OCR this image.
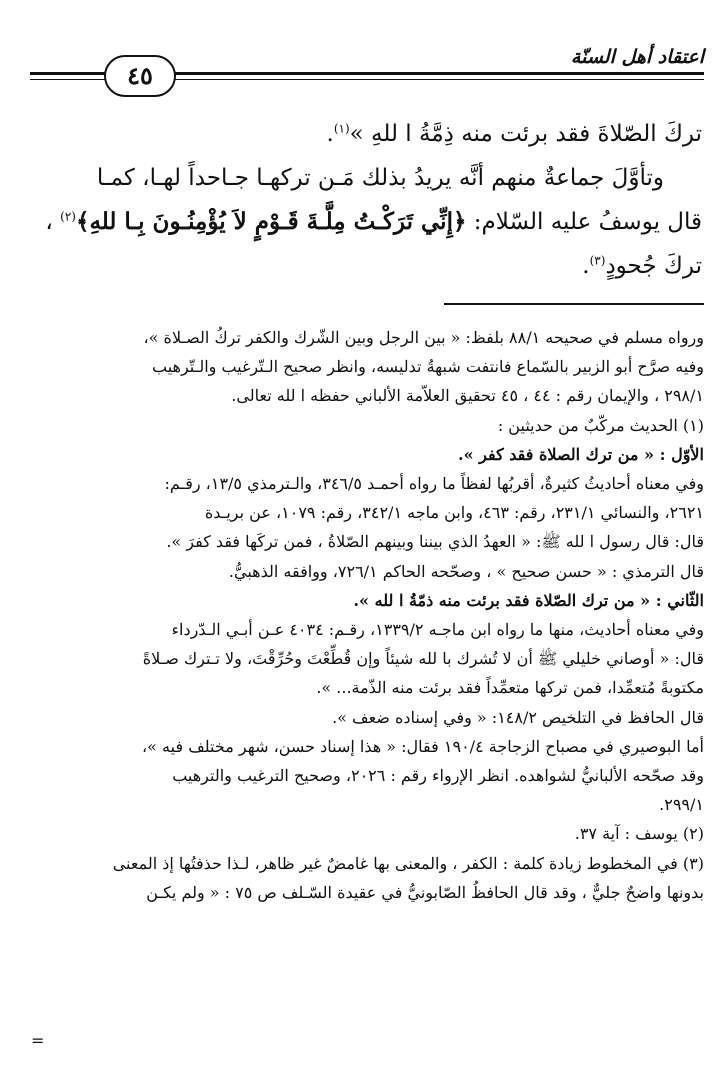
اعتقاد أهل السنّة
٤٥

تركَ الصّلاةَ فقد برئت منه ذِمَّةُ ا للهِ »$^{(١)}$.

وتأوَّلَ جماعةٌ منهم أنَّه يريدُ بذلك مَـن تركهـا جـاحداً لهـا، كمـا

قال يوسفُ عليه السّلام: ﴿إِنِّي تَرَكْـتُ مِلَّـةَ قَـوْمٍ لاَ يُؤْمِنُـونَ بِـا للهِ﴾$^{(٢)}$ ،

تركَ جُحودٍ$^{(٣)}$.

ورواه مسلم في صحيحه ٨٨/١ بلفظ: « بين الرجل وبين الشّرك والكفر تركُ الصـلاة »،

وفيه صرَّح أبو الزبير بالسّماع فانتفت شبهةُ تدليسه، وانظر صحيح الـتّرغيب والـتّرهيب

٢٩٨/١ ، والإيمان رقم : ٤٤ ، ٤٥ تحقيق العلاّمة الألباني حفظه ا لله تعالى.

(١) الحديث مركّبٌ من حديثين :

الأوّل : « من ترك الصلاة فقد كفر ».

وفي معناه أحاديثُ كثيرةٌ، أقربُها لفظاً ما رواه أحمـد ٣٤٦/٥، والـترمذي ١٣/٥، رقـم:

٢٦٢١، والنسائي ٢٣١/١، رقم: ٤٦٣، وابن ماجه ٣٤٢/١، رقم: ١٠٧٩، عن بريـدة

قال: قال رسول ا لله ﷺ: « العهدُ الذي بيننا وبينهم الصّلاةُ ، فمن تركَها فقد كفرَ ».

قال الترمذي : « حسن صحيح » ، وصحّحه الحاكم ٧٢٦/١، ووافقه الذهبيُّ.

الثّاني : « من ترك الصّلاة فقد برئت منه ذمّةُ ا لله ».

وفي معناه أحاديث، منها ما رواه ابن ماجـه ١٣٣٩/٢، رقـم: ٤٠٣٤ عـن أبـي الـدّرداء

قال: « أوصاني خليلي ﷺ أن لا تُشرك با لله شيئاً وإن قُطِّعْتَ وحُرِّقْتَ، ولا تـترك صـلاةً

مكتوبةً مُتعمِّدا، فمن تركها متعمِّداً فقد برئت منه الذّمة... ».

قال الحافظ في التلخيص ١٤٨/٢: « وفي إسناده ضعف ».

أما البوصيري في مصباح الزجاجة ١٩٠/٤ فقال: « هذا إسناد حسن، شهر مختلف فيه »،

وقد صحّحه الألبانيُّ لشواهده. انظر الإرواء رقم : ٢٠٢٦، وصحيح الترغيب والترهيب

٢٩٩/١.

(٢) يوسف : آية ٣٧.

(٣) في المخطوط زيادة كلمة : الكفر ، والمعنى بها غامضٌ غير ظاهر، لـذا حذفتُها إذ المعنى

بدونها واضحٌ جليٌّ ، وقد قال الحافظُ الصّابونيُّ في عقيدة السّـلف ص ٧٥ : « ولم يكـن

=
